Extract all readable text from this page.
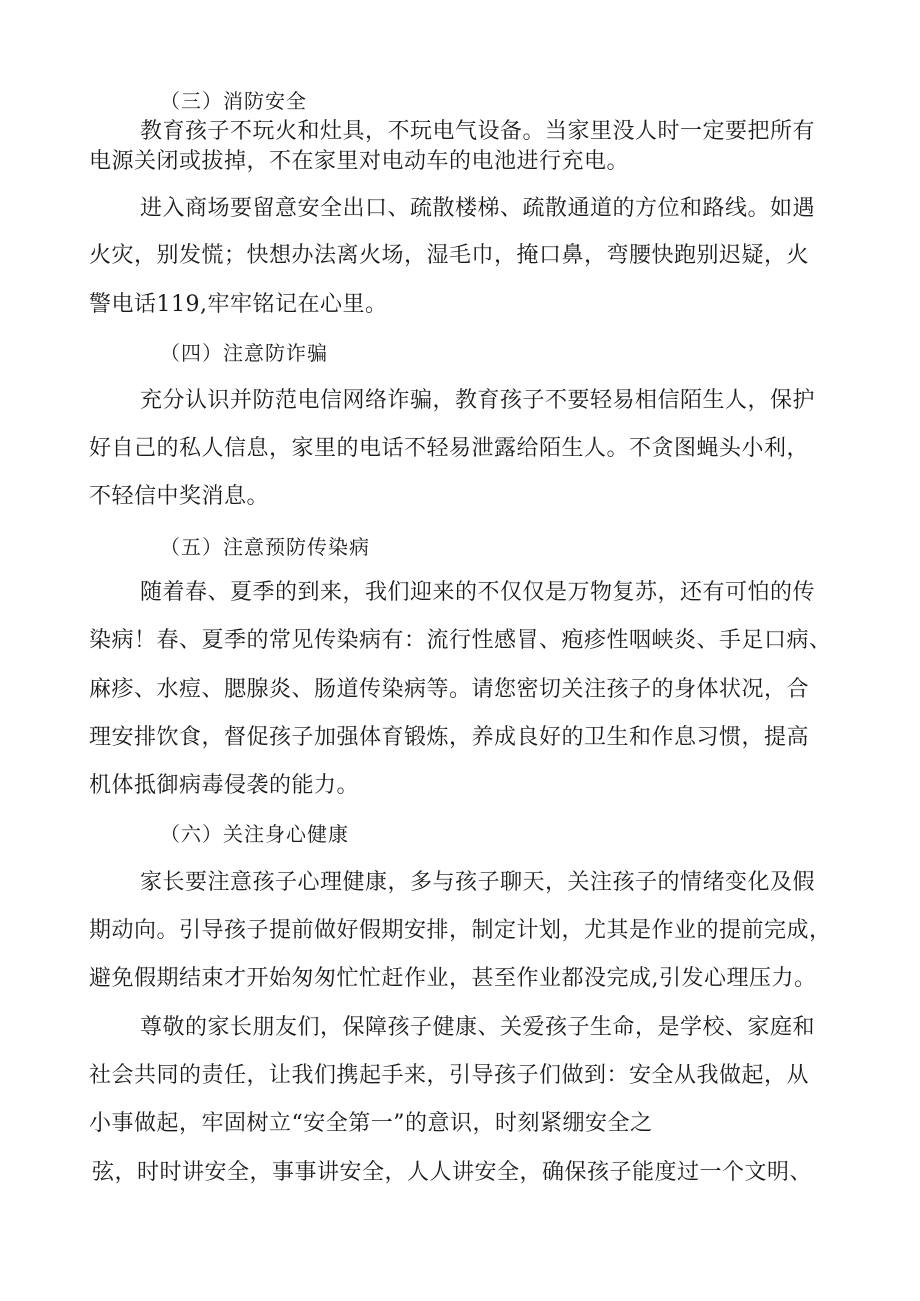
（三）消防安全

教育孩子不玩火和灶具，不玩电气设备。当家里没人时一定要把所有

电源关闭或拔掉，不在家里对电动车的电池进行充电。

进入商场要留意安全出口、疏散楼梯、疏散通道的方位和路线。如遇

火灾，别发慌；快想办法离火场，湿毛巾，掩口鼻，弯腰快跑别迟疑，火

警电话119,牢牢铭记在心里。

（四）注意防诈骗

充分认识并防范电信网络诈骗，教育孩子不要轻易相信陌生人，保护

好自己的私人信息，家里的电话不轻易泄露给陌生人。不贪图蝇头小利，

不轻信中奖消息。

（五）注意预防传染病

随着春、夏季的到来，我们迎来的不仅仅是万物复苏，还有可怕的传

染病！春、夏季的常见传染病有：流行性感冒、疱疹性咽峡炎、手足口病、

麻疹、水痘、腮腺炎、肠道传染病等。请您密切关注孩子的身体状况，合

理安排饮食，督促孩子加强体育锻炼，养成良好的卫生和作息习惯，提高

机体抵御病毒侵袭的能力。

（六）关注身心健康

家长要注意孩子心理健康，多与孩子聊天，关注孩子的情绪变化及假

期动向。引导孩子提前做好假期安排，制定计划，尤其是作业的提前完成，

避免假期结束才开始匆匆忙忙赶作业，甚至作业都没完成,引发心理压力。

尊敬的家长朋友们，保障孩子健康、关爱孩子生命，是学校、家庭和

社会共同的责任，让我们携起手来，引导孩子们做到：安全从我做起，从

小事做起，牢固树立“安全第一”的意识，时刻紧绷安全之

弦，时时讲安全，事事讲安全，人人讲安全，确保孩子能度过一个文明、
